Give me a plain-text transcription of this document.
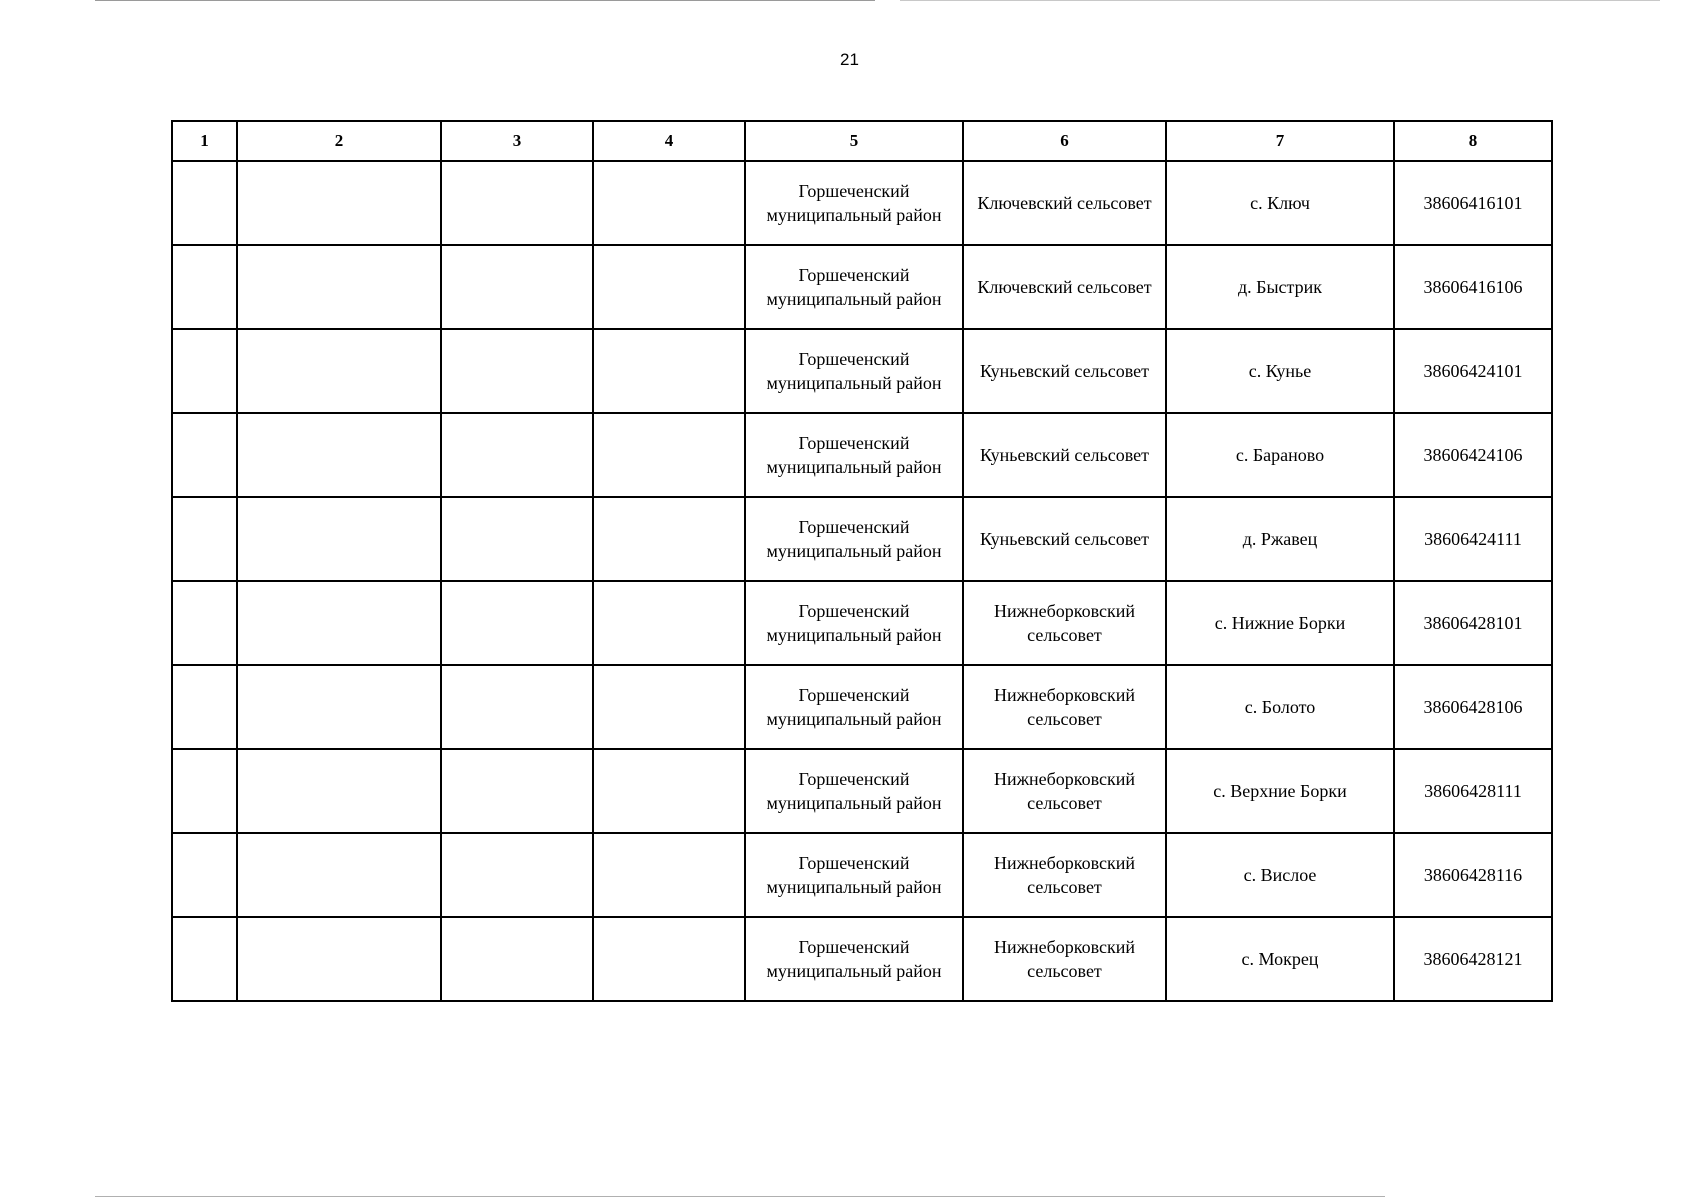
21
1	2	3	4	5	6	7	8
				Горшеченский муниципальный район	Ключевский сельсовет	с. Ключ	38606416101
				Горшеченский муниципальный район	Ключевский сельсовет	д. Быстрик	38606416106
				Горшеченский муниципальный район	Куньевский сельсовет	с. Кунье	38606424101
				Горшеченский муниципальный район	Куньевский сельсовет	с. Бараново	38606424106
				Горшеченский муниципальный район	Куньевский сельсовет	д. Ржавец	38606424111
				Горшеченский муниципальный район	Нижнеборковский сельсовет	с. Нижние Борки	38606428101
				Горшеченский муниципальный район	Нижнеборковский сельсовет	с. Болото	38606428106
				Горшеченский муниципальный район	Нижнеборковский сельсовет	с. Верхние Борки	38606428111
				Горшеченский муниципальный район	Нижнеборковский сельсовет	с. Вислое	38606428116
				Горшеченский муниципальный район	Нижнеборковский сельсовет	с. Мокрец	38606428121
